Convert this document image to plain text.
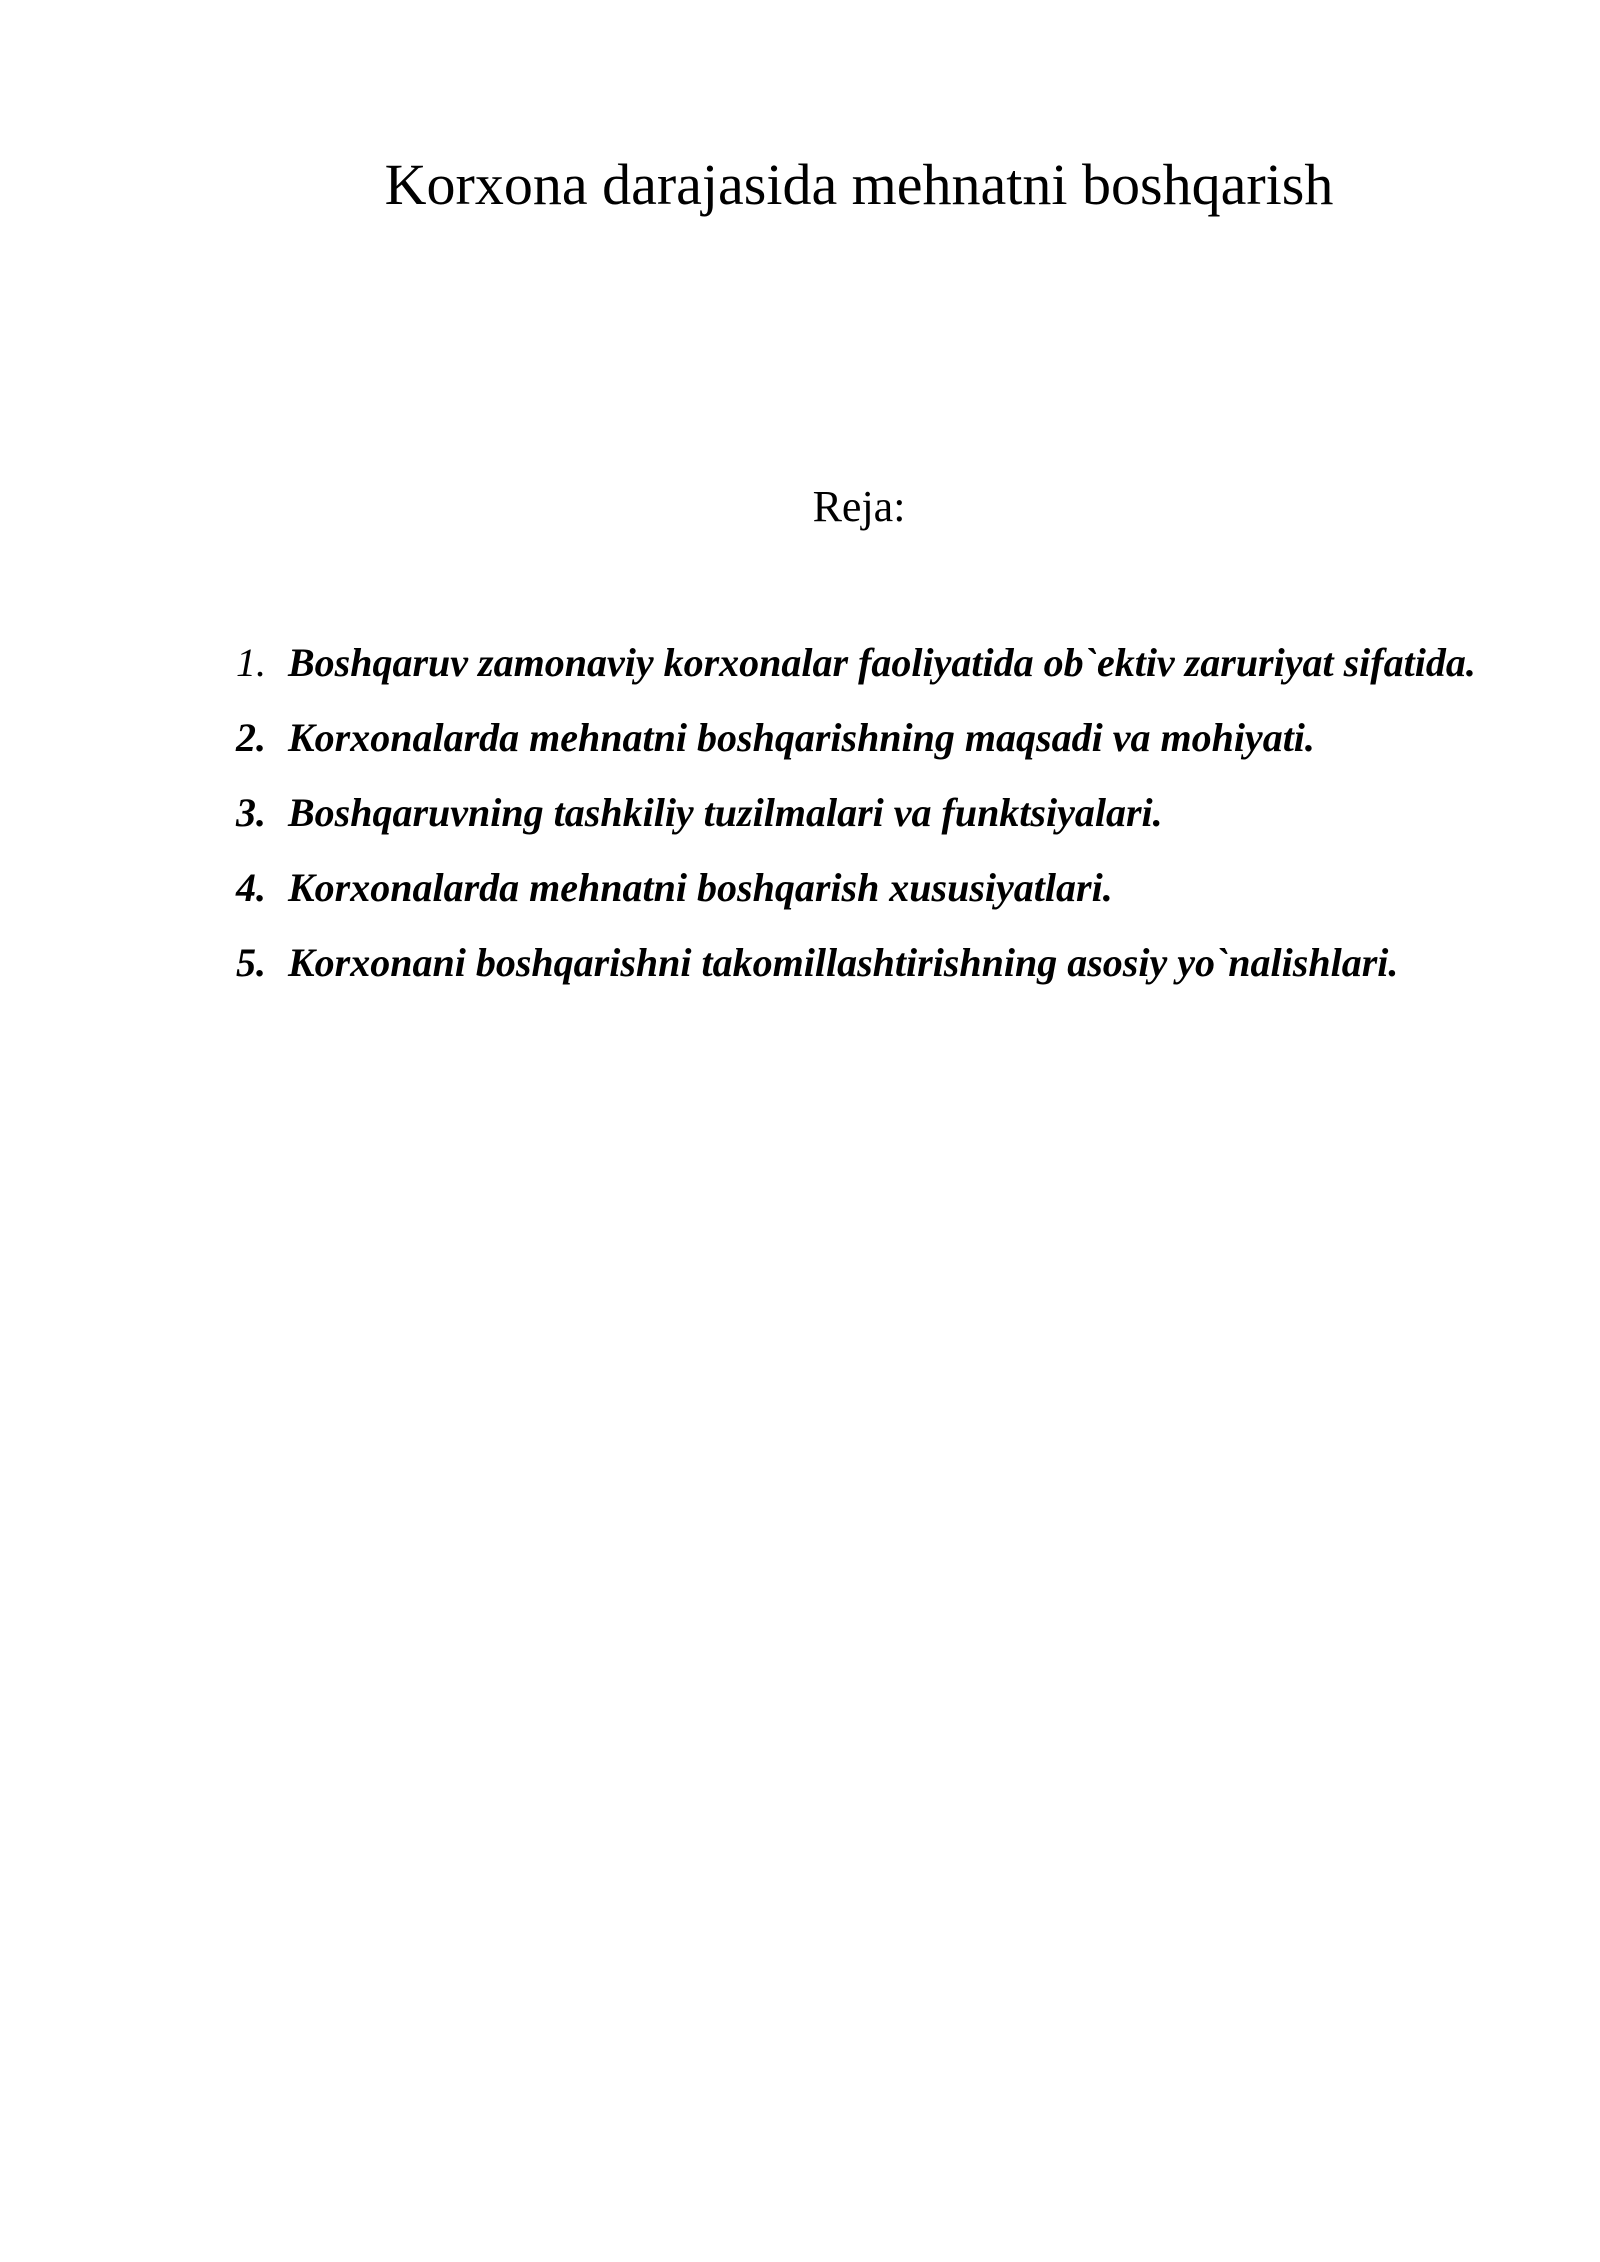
Korxona darajasida mehnatni boshqarish
Reja:
1. Boshqaruv zamonaviy korxonalar faoliyatida ob`ektiv zaruriyat sifatida.
2. Korxonalarda mehnatni boshqarishning maqsadi va mohiyati.
3. Boshqaruvning tashkiliy tuzilmalari va funktsiyalari.
4. Korxonalarda mehnatni boshqarish xususiyatlari.
5. Korxonani boshqarishni takomillashtirishning asosiy yo`nalishlari.
